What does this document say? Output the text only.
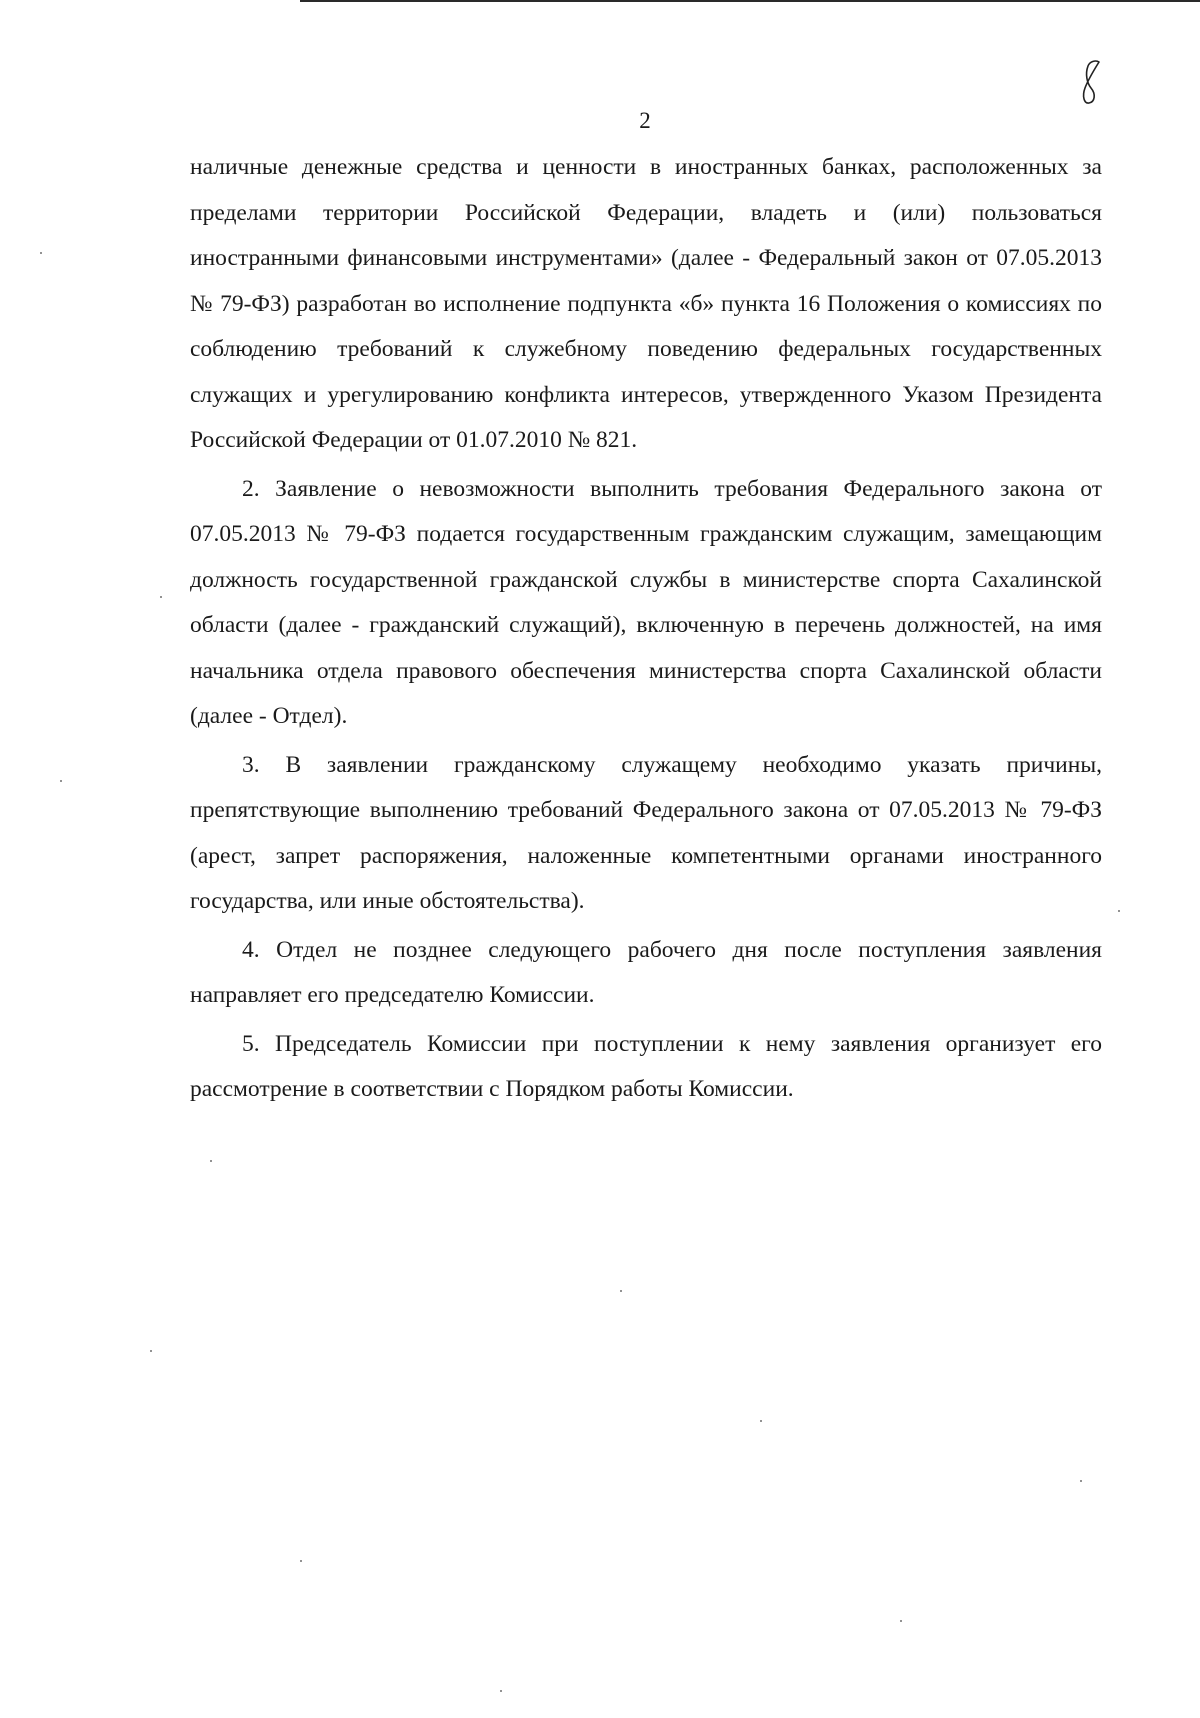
2

наличные денежные средства и ценности в иностранных банках, расположенных за пределами территории Российской Федерации, владеть и (или) пользоваться иностранными финансовыми инструментами» (далее - Федеральный закон от 07.05.2013 № 79-ФЗ) разработан во исполнение подпункта «б» пункта 16 Положения о комиссиях по соблюдению требований к служебному поведению федеральных государственных служащих и урегулированию конфликта интересов, утвержденного Указом Президента Российской Федерации от 01.07.2010 № 821.

2. Заявление о невозможности выполнить требования Федерального закона от 07.05.2013 № 79-ФЗ подается государственным гражданским служащим, замещающим должность государственной гражданской службы в министерстве спорта Сахалинской области (далее - гражданский служащий), включенную в перечень должностей, на имя начальника отдела правового обеспечения министерства спорта Сахалинской области (далее - Отдел).

3. В заявлении гражданскому служащему необходимо указать причины, препятствующие выполнению требований Федерального закона от 07.05.2013 № 79-ФЗ (арест, запрет распоряжения, наложенные компетентными органами иностранного государства, или иные обстоятельства).

4. Отдел не позднее следующего рабочего дня после поступления заявления направляет его председателю Комиссии.

5. Председатель Комиссии при поступлении к нему заявления организует его рассмотрение в соответствии с Порядком работы Комиссии.
